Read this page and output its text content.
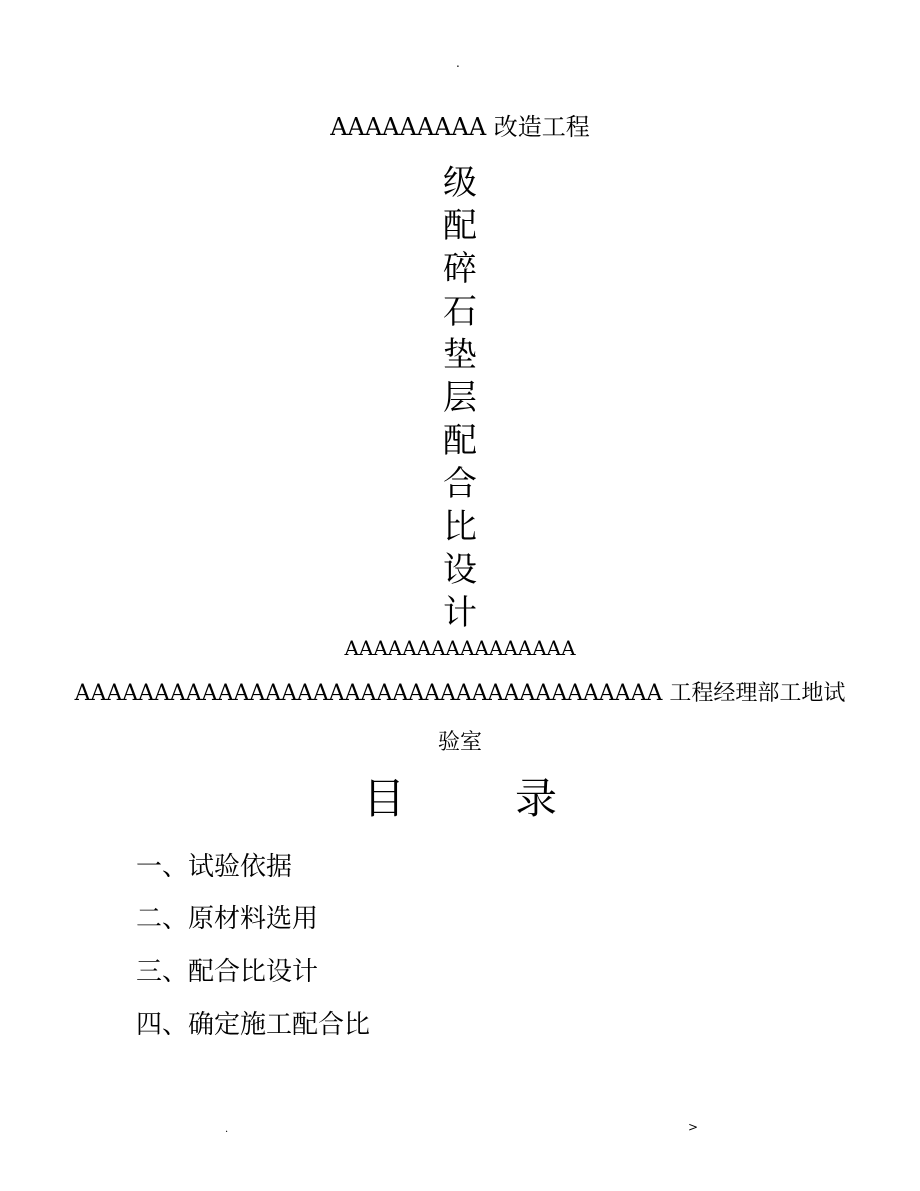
.
AAAAAAAAA 改造工程
级
配
碎
石
垫
层
配
合
比
设
计
AAAAAAAAAAAAAAAA
AAAAAAAAAAAAAAAAAAAAAAAAAAAAAAAAAAAAA 工程经理部工地试
验室
目	录
一、试验依据
二、原材料选用
三、配合比设计
四、确定施工配合比
.	>
